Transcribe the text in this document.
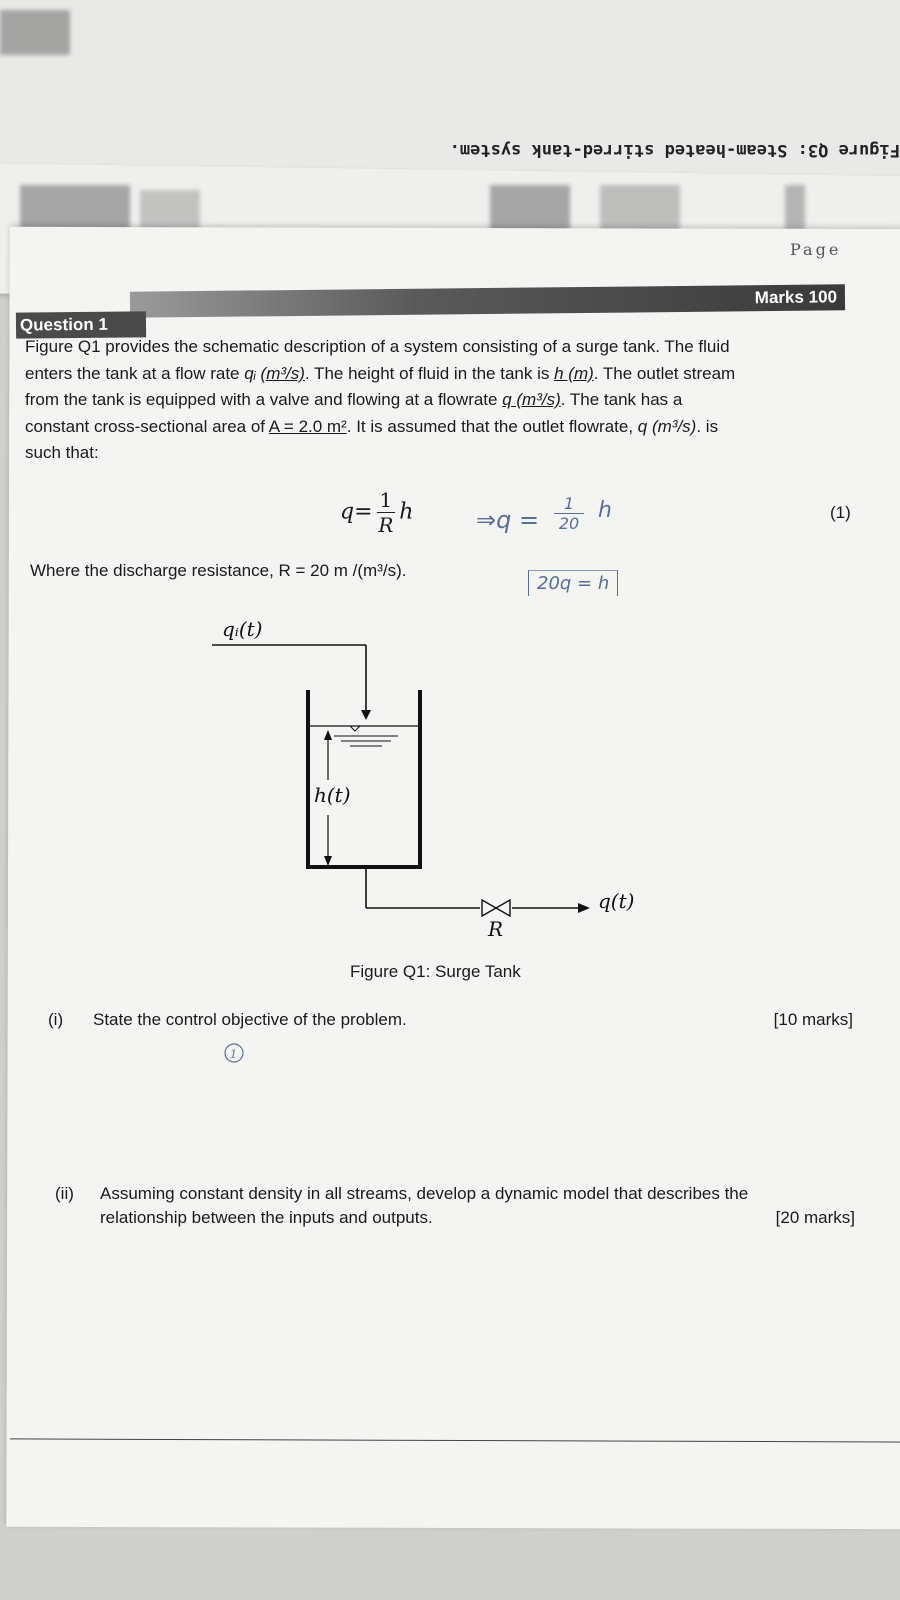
Figure Q3: Steam-heated stirred-tank system.
Page
Marks 100
Question 1
Figure Q1 provides the schematic description of a system consisting of a surge tank. The fluid
enters the tank at a flow rate qᵢ (m³/s). The height of fluid in the tank is h (m). The outlet stream
from the tank is equipped with a valve and flowing at a flowrate q (m³/s). The tank has a
constant cross-sectional area of A = 2.0 m². It is assumed that the outlet flowrate, q (m³/s). is
such that:
$q= \frac{1}{R}$ h	(1)
⇒q =
1
20
h
20q = h
Where the discharge resistance, R = 20 m /(m³/s).
qᵢ(t)
h(t)
R
q(t)
1
Figure Q1: Surge Tank
(i) State the control objective of the problem.	[10 marks]
(ii) Assuming constant density in all streams, develop a dynamic model that describes the
relationship between the inputs and outputs.	[20 marks]
